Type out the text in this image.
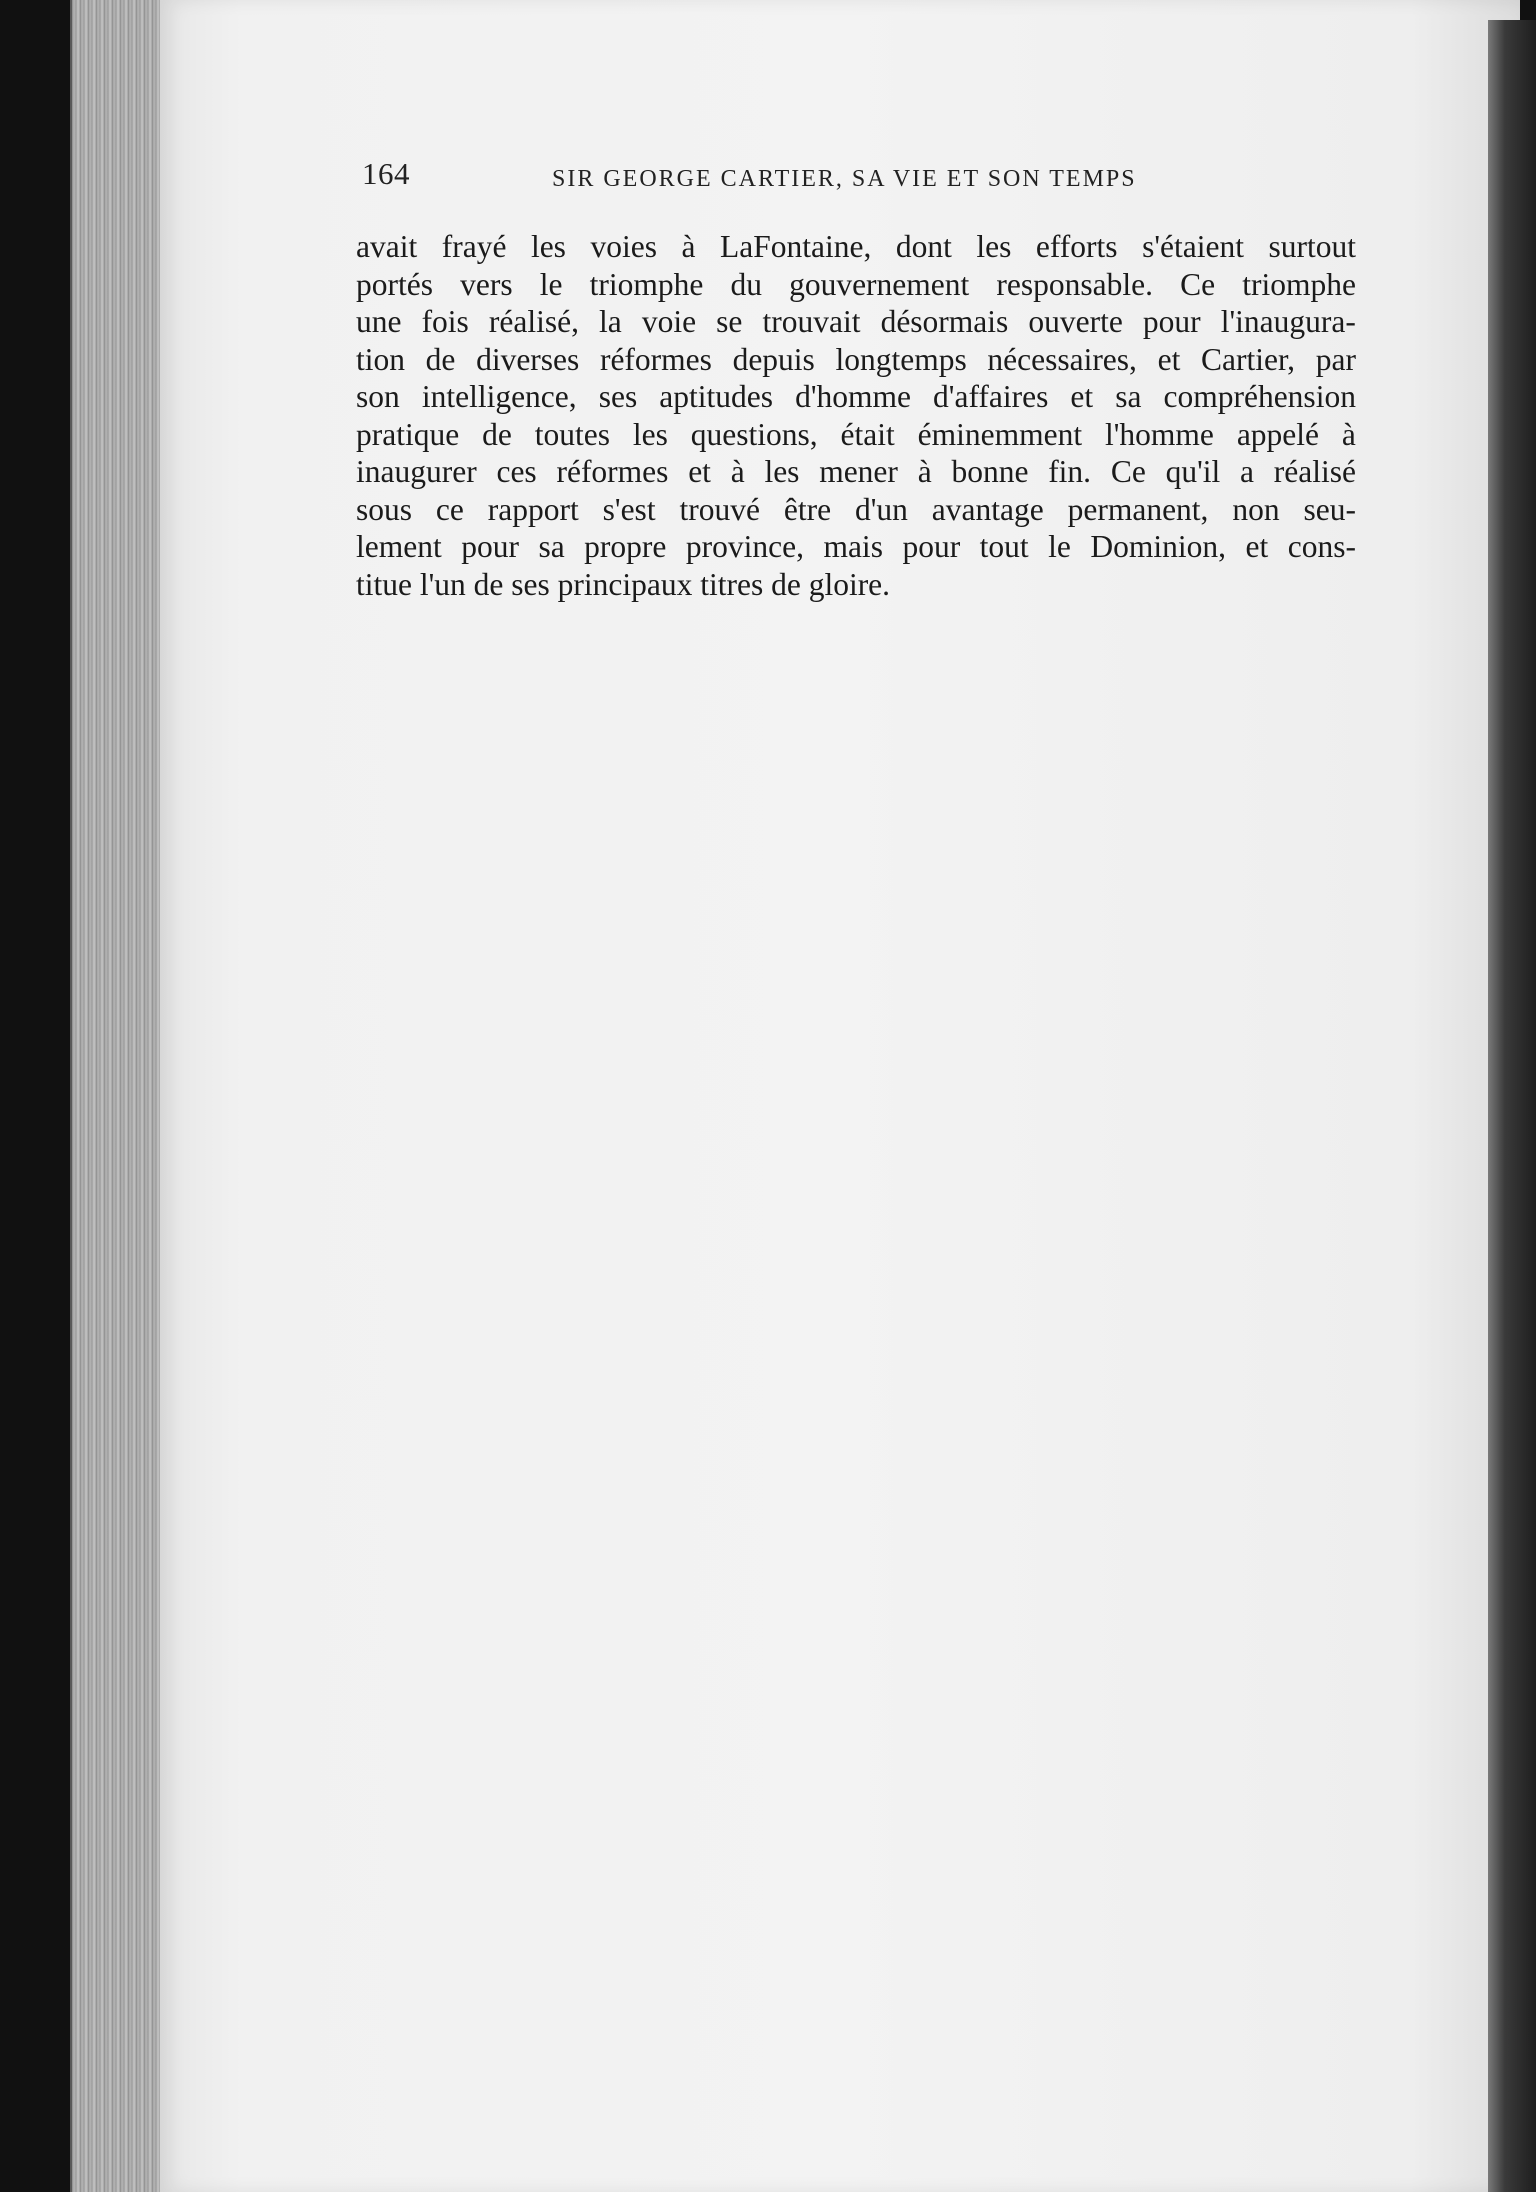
164	SIR GEORGE CARTIER, SA VIE ET SON TEMPS
avait frayé les voies à LaFontaine, dont les efforts s'étaient surtout
portés vers le triomphe du gouvernement responsable. Ce triomphe
une fois réalisé, la voie se trouvait désormais ouverte pour l'inaugura-
tion de diverses réformes depuis longtemps nécessaires, et Cartier, par
son intelligence, ses aptitudes d'homme d'affaires et sa compréhension
pratique de toutes les questions, était éminemment l'homme appelé à
inaugurer ces réformes et à les mener à bonne fin. Ce qu'il a réalisé
sous ce rapport s'est trouvé être d'un avantage permanent, non seu-
lement pour sa propre province, mais pour tout le Dominion, et cons-
titue l'un de ses principaux titres de gloire.
